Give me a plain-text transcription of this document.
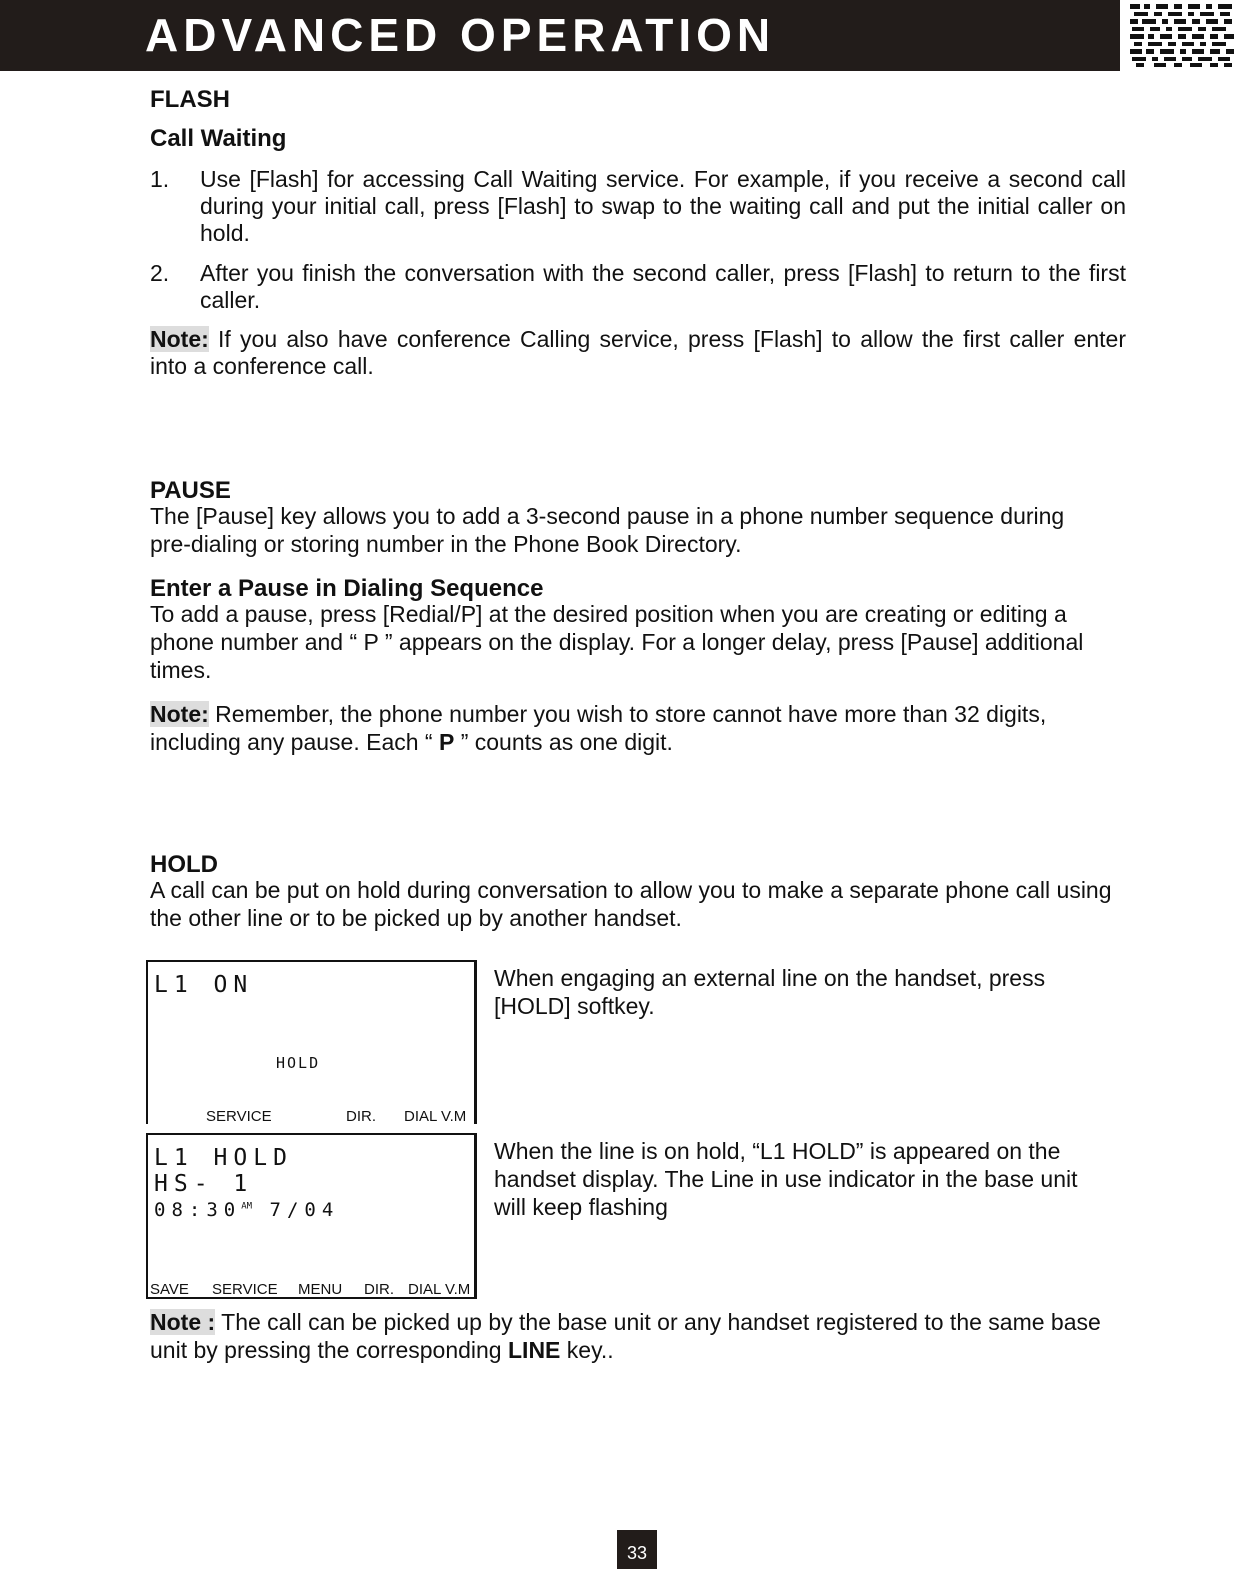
ADVANCED OPERATION
FLASH
Call Waiting
1. Use [Flash] for accessing Call Waiting service. For example, if you receive a second call during your initial call, press [Flash] to swap to the waiting call and put the initial caller on hold.
2. After you finish the conversation with the second caller, press [Flash] to return to the first caller.
Note: If you also have conference Calling service, press [Flash] to allow the first caller enter into a conference call.
PAUSE
The [Pause] key allows you to add a 3-second pause in a phone number sequence during pre-dialing or storing number in the Phone Book Directory.
Enter a Pause in Dialing Sequence
To add a pause, press [Redial/P] at the desired position when you are creating or editing a phone number and “ P ” appears on the display. For a longer delay, press [Pause] additional times.
Note: Remember, the phone number you wish to store cannot have more than 32 digits, including any pause. Each “ P ” counts as one digit.
HOLD
A call can be put on hold during conversation to allow you to make a separate phone call using the other line or to be picked up by another handset.
L1 ON
HOLD
SERVICE	DIR. DIAL V.M
When engaging an external line on the handset, press [HOLD] softkey.
L1 HOLD
HS- 1
$08:30^{AM}$ 7/04
SAVE SERVICE MENU DIR. DIAL V.M
When the line is on hold, “L1 HOLD” is appeared on the handset display. The Line in use indicator in the base unit will keep flashing
Note : The call can be picked up by the base unit or any handset registered to the same base unit by pressing the corresponding LINE key..
33
